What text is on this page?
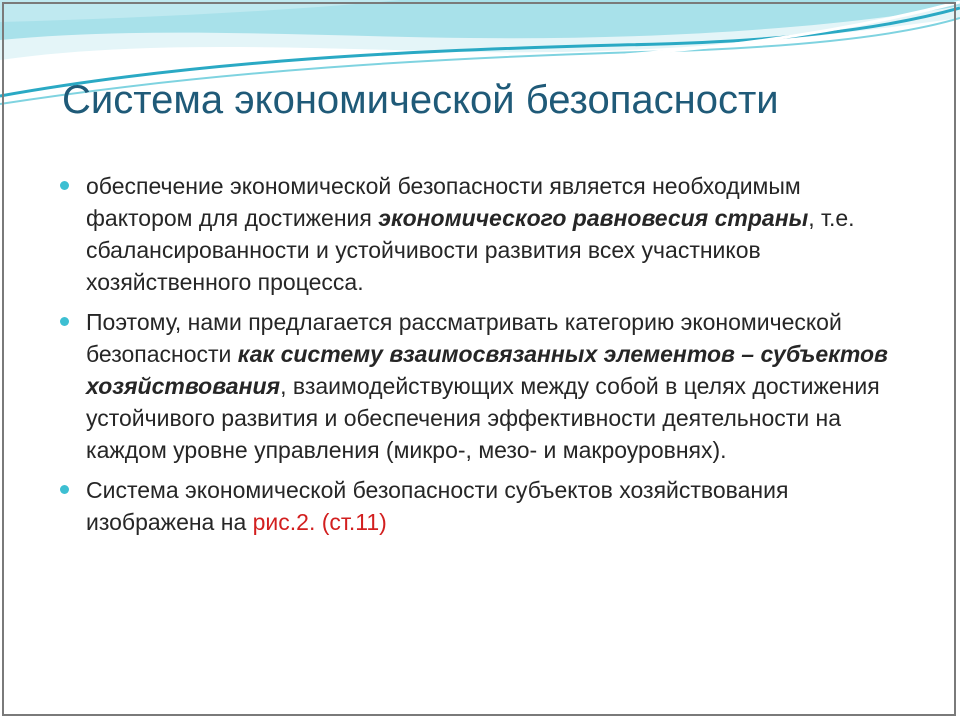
Система экономической безопасности

обеспечение экономической безопасности является необходимым фактором для достижения экономического равновесия страны, т.е. сбалансированности и устойчивости развития всех участников хозяйственного процесса.

Поэтому, нами предлагается рассматривать категорию экономической безопасности как систему взаимосвязанных элементов – субъектов хозяйствования, взаимодействующих между собой в целях достижения устойчивого развития и обеспечения эффективности деятельности на каждом уровне управления (микро-, мезо- и макроуровнях).

Система экономической безопасности субъектов хозяйствования изображена на рис.2. (ст.11)
